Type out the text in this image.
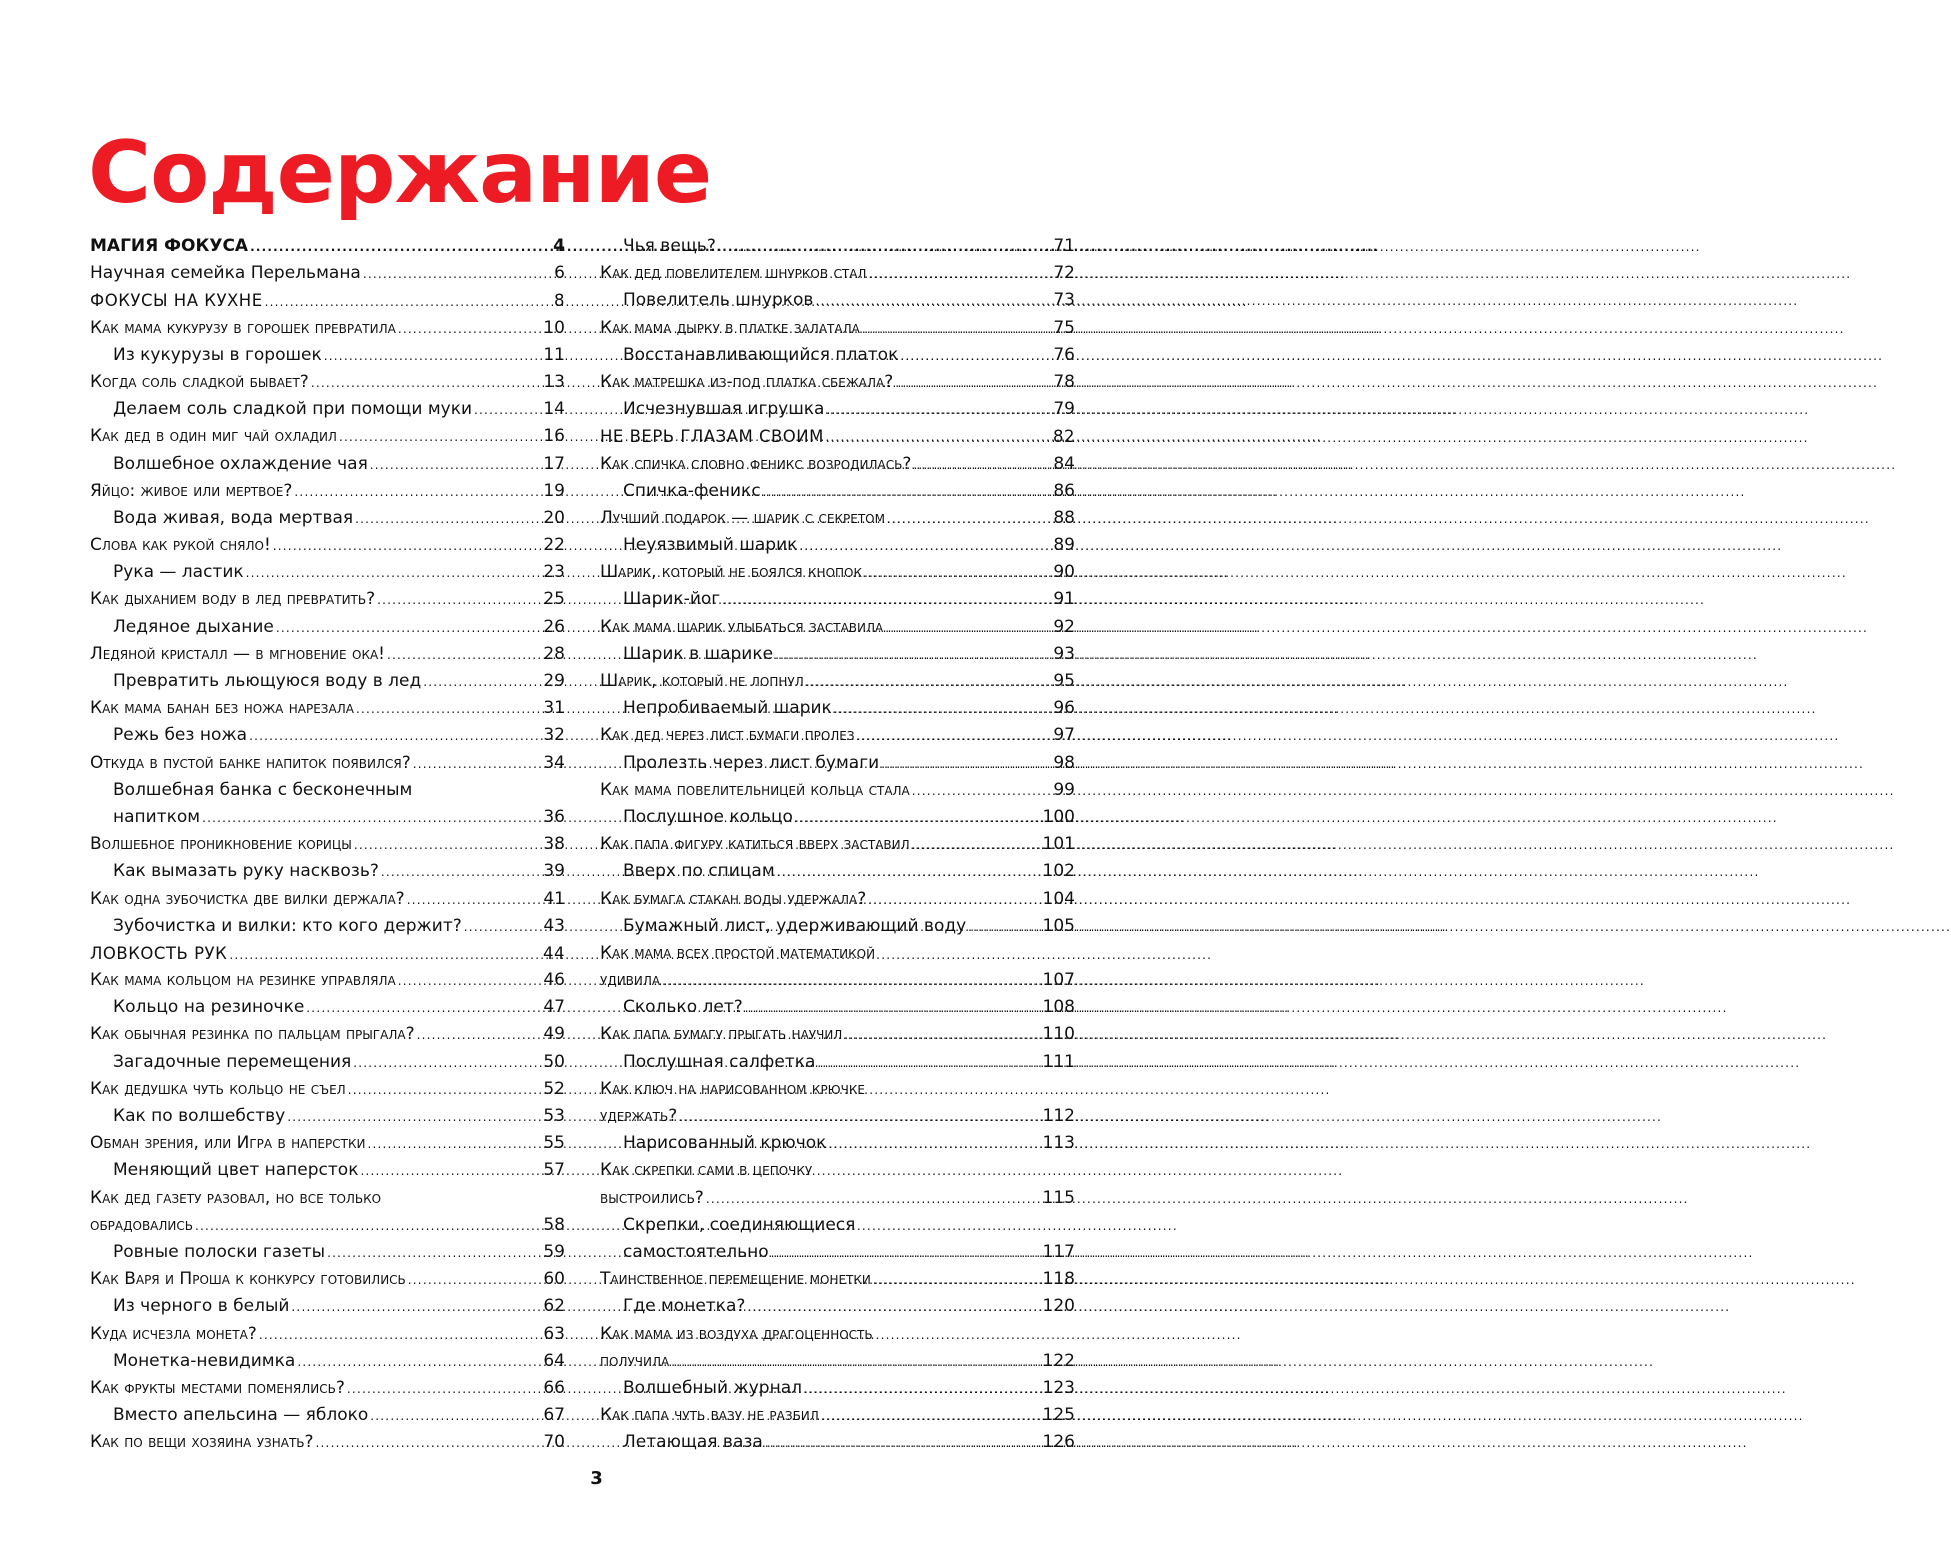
Содержание
МАГИЯ ФОКУСА .....	4
Научная семейка Перельмана .....	6
ФОКУСЫ НА КУХНЕ .....	8
Как мама кукурузу в горошек превратила .....	10
Из кукурузы в горошек .....	11
Когда соль сладкой бывает? .....	13
Делаем соль сладкой при помощи муки .....	14
Как дед в один миг чай охладил .....	16
Волшебное охлаждение чая .....	17
Яйцо: живое или мертвое? .....	19
Вода живая, вода мертвая .....	20
Слова как рукой сняло! .....	22
Рука — ластик .....	23
Как дыханием воду в лед превратить? .....	25
Ледяное дыхание .....	26
Ледяной кристалл — в мгновение ока! .....	28
Превратить льющуюся воду в лед .....	29
Как мама банан без ножа нарезала .....	31
Режь без ножа .....	32
Откуда в пустой банке напиток появился? .....	34
Волшебная банка с бесконечным
напитком .....	36
Волшебное проникновение корицы .....	38
Как вымазать руку насквозь? .....	39
Как одна зубочистка две вилки держала? .....	41
Зубочистка и вилки: кто кого держит? .....	43
ЛОВКОСТЬ РУК .....	44
Как мама кольцом на резинке управляла .....	46
Кольцо на резиночке .....	47
Как обычная резинка по пальцам прыгала? .....	49
Загадочные перемещения .....	50
Как дедушка чуть кольцо не съел .....	52
Как по волшебству .....	53
Обман зрения, или Игра в наперстки .....	55
Меняющий цвет наперсток .....	57
Как дед газету разовал, но все только
обрадовались .....	58
Ровные полоски газеты .....	59
Как Варя и Проша к конкурсу готовились .....	60
Из черного в белый .....	62
Куда исчезла монета? .....	63
Монетка-невидимка .....	64
Как фрукты местами поменялись? .....	66
Вместо апельсина — яблоко .....	67
Как по вещи хозяина узнать? .....	70
Чья вещь? .....	71
Как дед повелителем шнурков стал .....	72
Повелитель шнурков .....	73
Как мама дырку в платке залатала .....	75
Восстанавливающийся платок .....	76
Как матрешка из-под платка сбежала? .....	78
Исчезнувшая игрушка .....	79
НЕ ВЕРЬ ГЛАЗАМ СВОИМ .....	82
Как спичка словно феникс возродилась? .....	84
Спичка-феникс .....	86
Лучший подарок — шарик с секретом .....	88
Неуязвимый шарик .....	89
Шарик, который не боялся кнопок .....	90
Шарик-йог .....	91
Как мама шарик улыбаться заставила .....	92
Шарик в шарике .....	93
Шарик, который не лопнул .....	95
Непробиваемый шарик .....	96
Как дед через лист бумаги пролез .....	97
Пролезть через лист бумаги .....	98
Как мама повелительницей кольца стала .....	99
Послушное кольцо .....	100
Как папа фигуру катиться вверх заставил .....	101
Вверх по спицам .....	102
Как бумага стакан воды удержала? .....	104
Бумажный лист, удерживающий воду .....	105
Как мама всех простой математикой
удивила .....	107
Сколько лет? .....	108
Как папа бумагу прыгать научил .....	110
Послушная салфетка .....	111
Как ключ на нарисованном крючке
удержать? .....	112
Нарисованный крючок .....	113
Как скрепки сами в цепочку
выстроились? .....	115
Скрепки, соединяющиеся
самостоятельно .....	117
Таинственное перемещение монетки .....	118
Где монетка? .....	120
Как мама из воздуха драгоценность
получила .....	122
Волшебный журнал .....	123
Как папа чуть вазу не разбил .....	125
Летающая ваза .....	126
3
